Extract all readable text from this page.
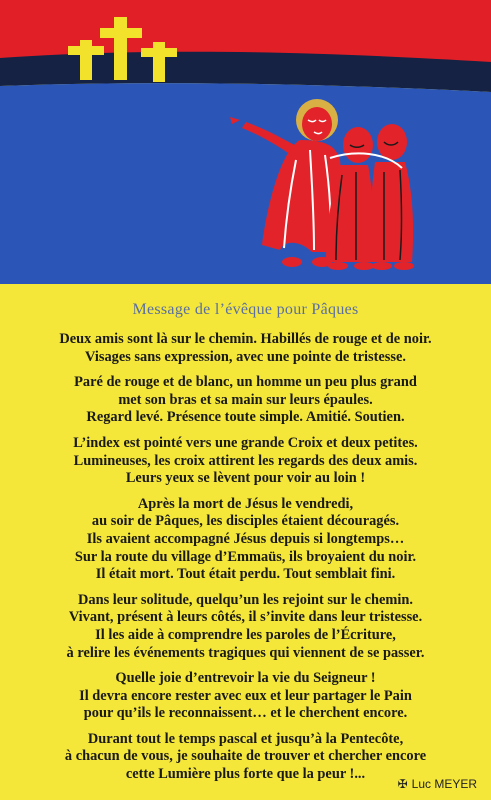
Message de l’évêque pour Pâques
Deux amis sont là sur le chemin. Habillés de rouge et de noir.
Visages sans expression, avec une pointe de tristesse.
Paré de rouge et de blanc, un homme un peu plus grand
met son bras et sa main sur leurs épaules.
Regard levé. Présence toute simple. Amitié. Soutien.
L’index est pointé vers une grande Croix et deux petites.
Lumineuses, les croix attirent les regards des deux amis.
Leurs yeux se lèvent pour voir au loin !
Après la mort de Jésus le vendredi,
au soir de Pâques, les disciples étaient découragés.
Ils avaient accompagné Jésus depuis si longtemps…
Sur la route du village d’Emmaüs, ils broyaient du noir.
Il était mort. Tout était perdu. Tout semblait fini.
Dans leur solitude, quelqu’un les rejoint sur le chemin.
Vivant, présent à leurs côtés, il s’invite dans leur tristesse.
Il les aide à comprendre les paroles de l’Écriture,
à relire les événements tragiques qui viennent de se passer.
Quelle joie d’entrevoir la vie du Seigneur !
Il devra encore rester avec eux et leur partager le Pain
pour qu’ils le reconnaissent… et le cherchent encore.
Durant tout le temps pascal et jusqu’à la Pentecôte,
à chacun de vous, je souhaite de trouver et chercher encore
cette Lumière plus forte que la peur !...
✠ Luc MEYER
